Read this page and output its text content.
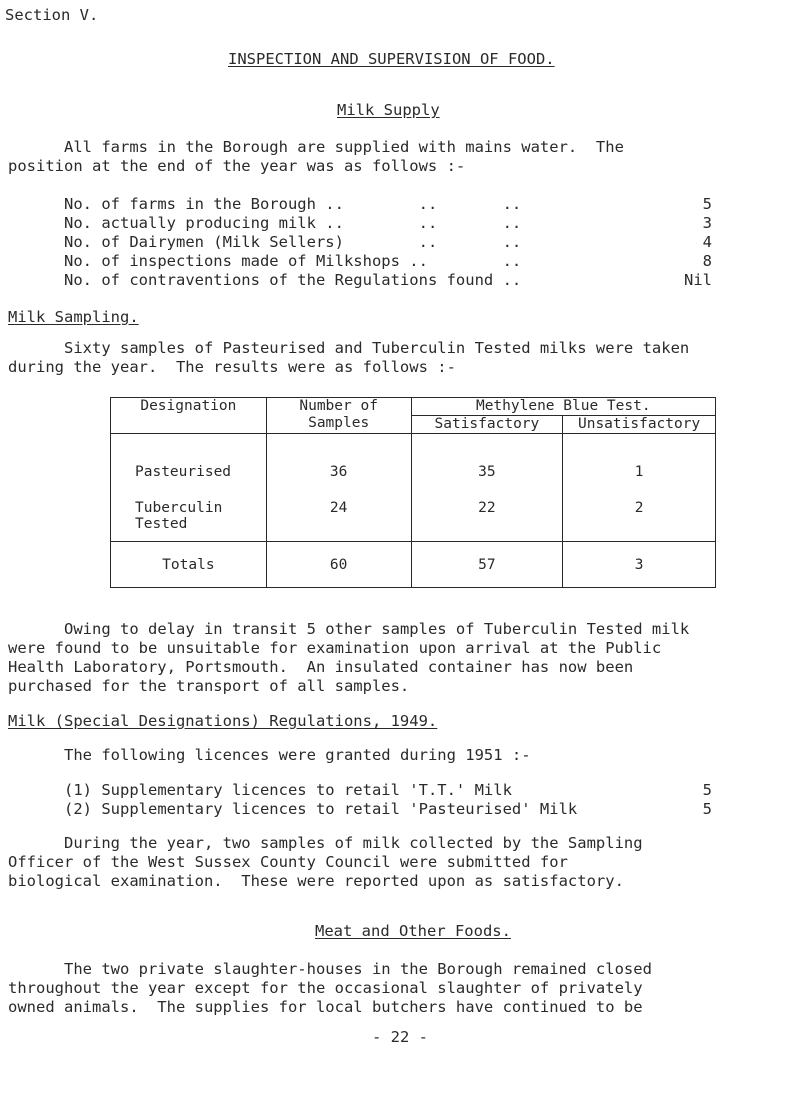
Section V.
INSPECTION AND SUPERVISION OF FOOD.
Milk Supply
All farms in the Borough are supplied with mains water.  The
position at the end of the year was as follows :-
No. of farms in the Borough ..        ..       ..	5
No. actually producing milk ..        ..       ..	3
No. of Dairymen (Milk Sellers)        ..       ..	4
No. of inspections made of Milkshops ..        ..	8
No. of contraventions of the Regulations found ..	Nil
Milk Sampling.
Sixty samples of Pasteurised and Tuberculin Tested milks were taken
during the year.  The results were as follows :-
Designation	Number of Samples	Methylene Blue Test.	
		Satisfactory	Unsatisfactory
Pasteurised	36	35	1
Tuberculin Tested	24	22	2
Totals	60	57	3
Owing to delay in transit 5 other samples of Tuberculin Tested milk
were found to be unsuitable for examination upon arrival at the Public
Health Laboratory, Portsmouth.  An insulated container has now been
purchased for the transport of all samples.
Milk (Special Designations) Regulations, 1949.
The following licences were granted during 1951 :-
(1) Supplementary licences to retail 'T.T.' Milk	5
(2) Supplementary licences to retail 'Pasteurised' Milk	5
During the year, two samples of milk collected by the Sampling
Officer of the West Sussex County Council were submitted for
biological examination.  These were reported upon as satisfactory.
Meat and Other Foods.
The two private slaughter-houses in the Borough remained closed
throughout the year except for the occasional slaughter of privately
owned animals.  The supplies for local butchers have continued to be
- 22 -
